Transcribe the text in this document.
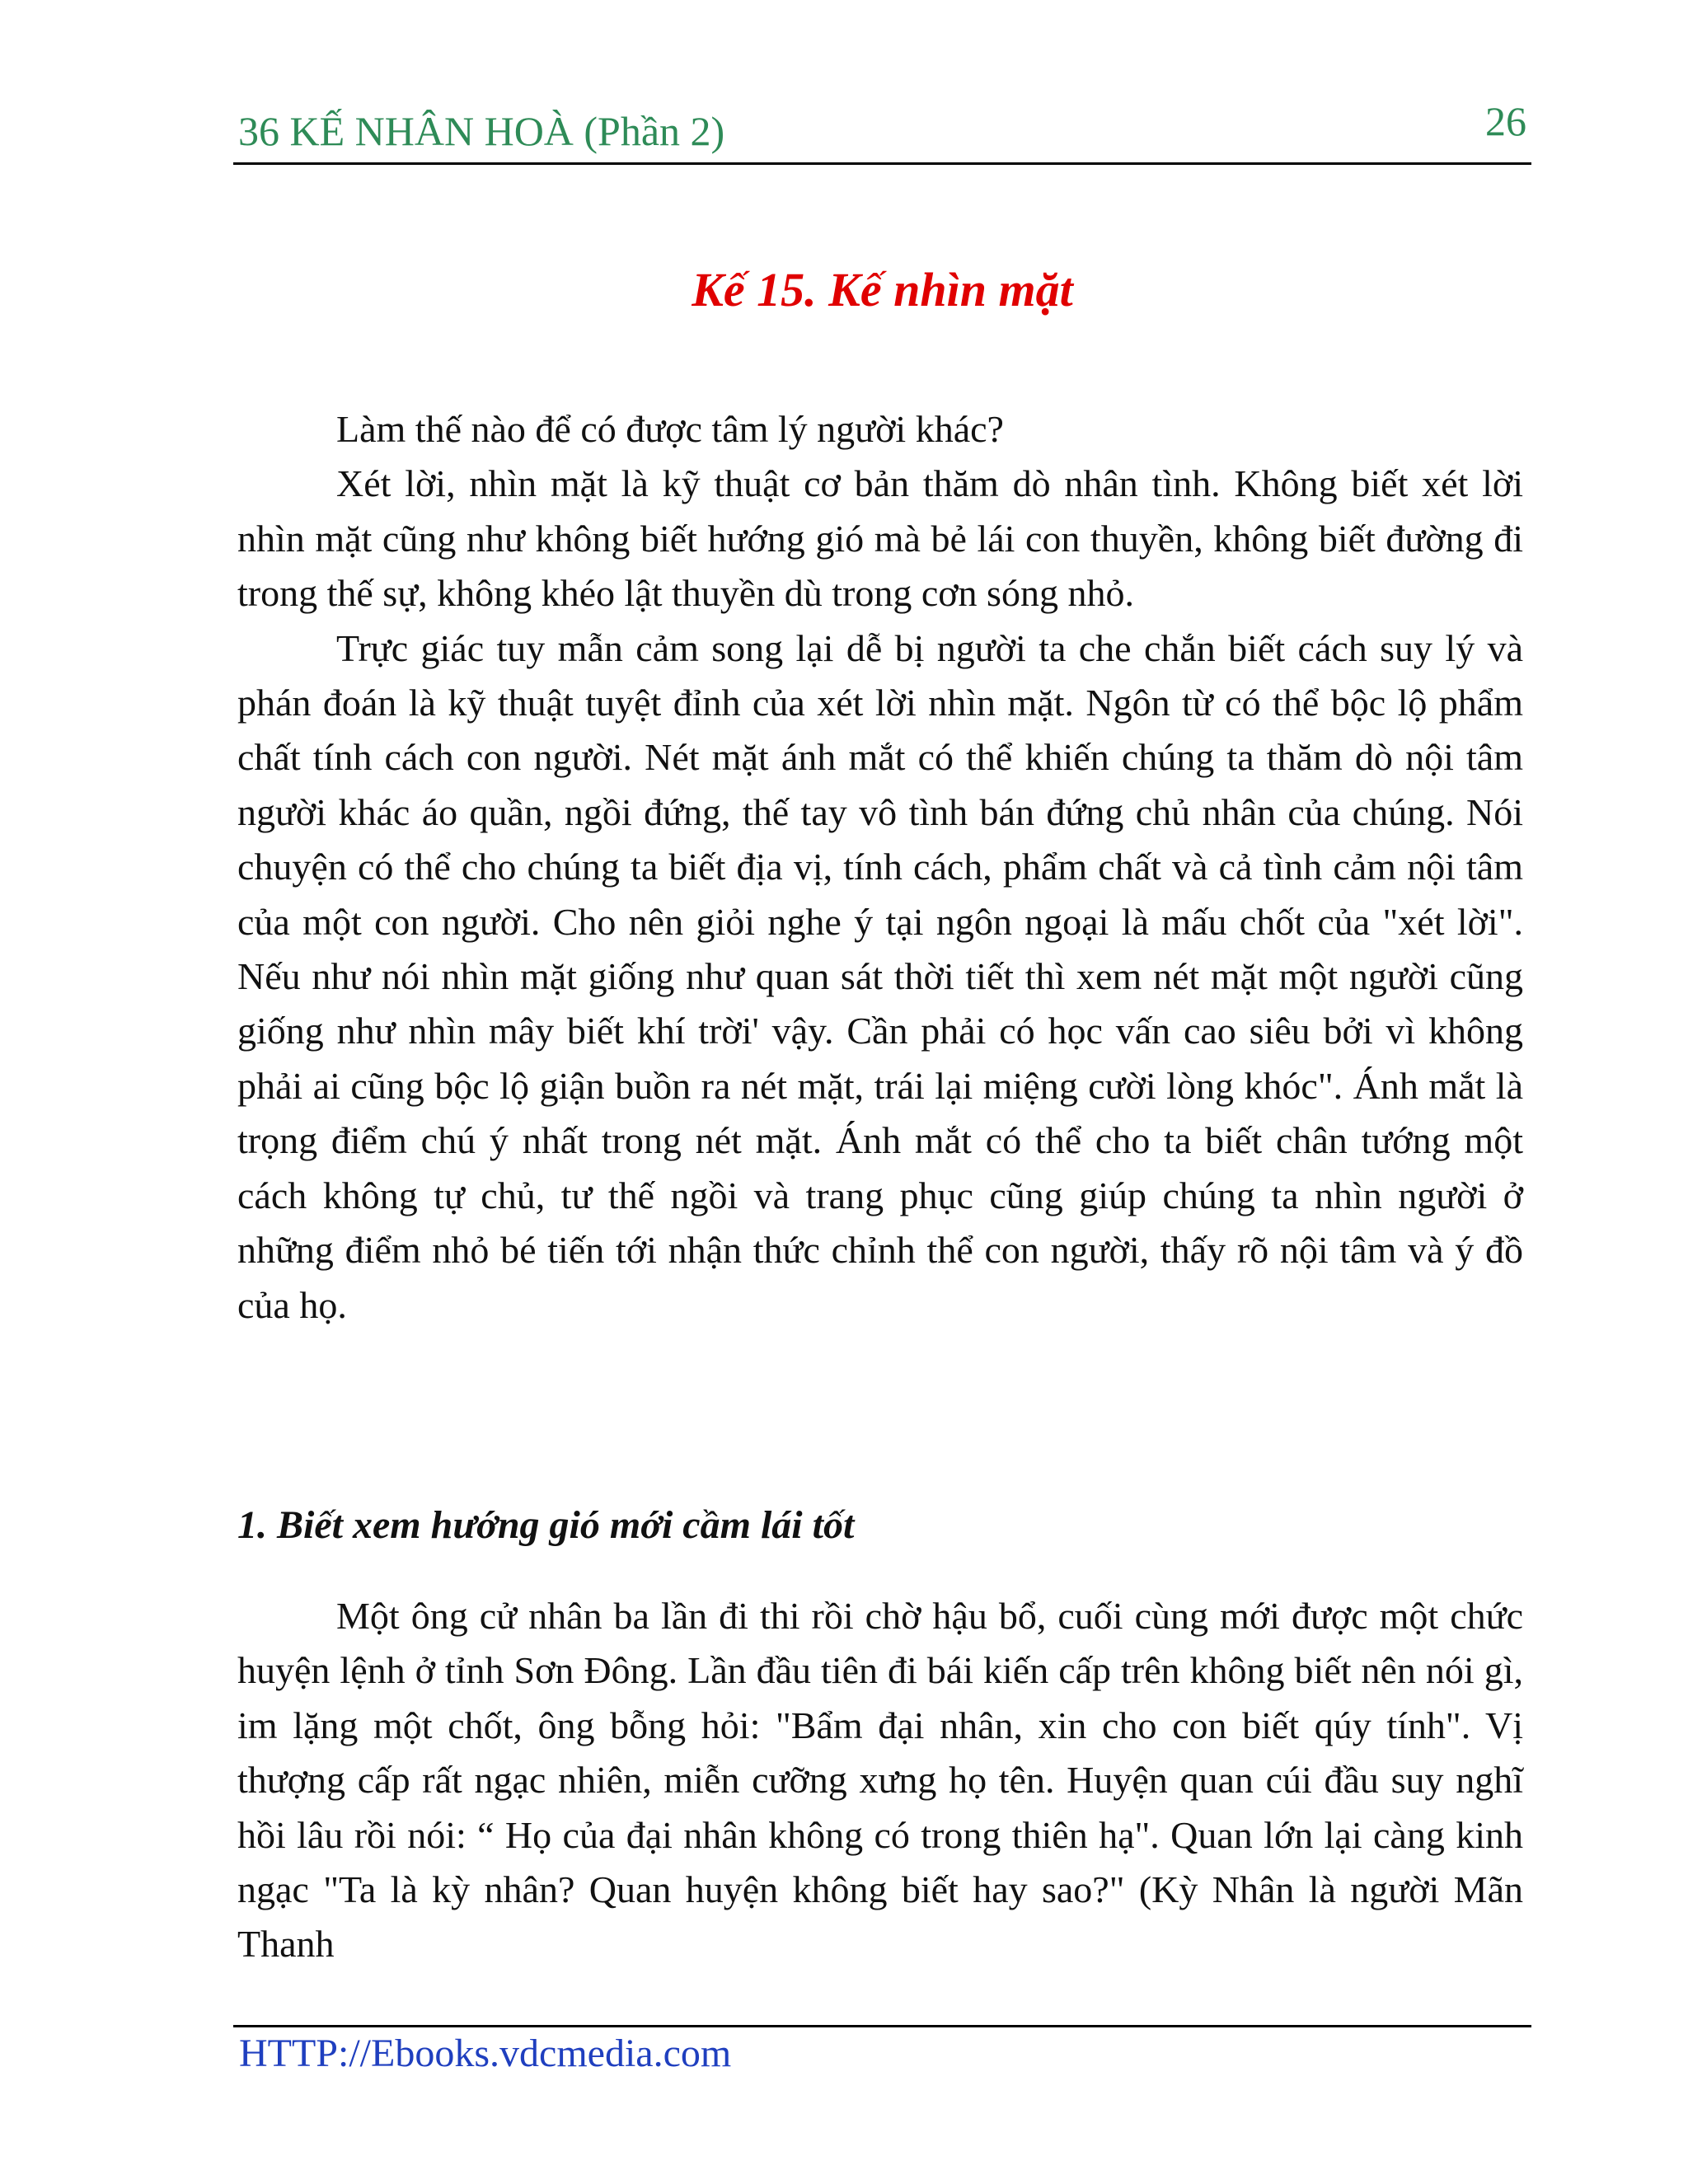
36 KẾ NHÂN HOÀ (Phần 2)	26
Kế 15. Kế nhìn mặt

Làm thế nào để có được tâm lý người khác?

Xét lời, nhìn mặt là kỹ thuật cơ bản thăm dò nhân tình. Không biết xét lời nhìn mặt cũng như không biết hướng gió mà bẻ lái con thuyền, không biết đường đi trong thế sự, không khéo lật thuyền dù trong cơn sóng nhỏ.

Trực giác tuy mẫn cảm song lại dễ bị người ta che chắn biết cách suy lý và phán đoán là kỹ thuật tuyệt đỉnh của xét lời nhìn mặt. Ngôn từ có thể bộc lộ phẩm chất tính cách con người. Nét mặt ánh mắt có thể khiến chúng ta thăm dò nội tâm người khác áo quần, ngồi đứng, thế tay vô tình bán đứng chủ nhân của chúng. Nói chuyện có thể cho chúng ta biết địa vị, tính cách, phẩm chất và cả tình cảm nội tâm của một con người. Cho nên giỏi nghe ý tại ngôn ngoại là mấu chốt của "xét lời". Nếu như nói nhìn mặt giống như quan sát thời tiết thì xem nét mặt một người cũng giống như nhìn mây biết khí trời' vậy. Cần phải có học vấn cao siêu bởi vì không phải ai cũng bộc lộ giận buồn ra nét mặt, trái lại miệng cười lòng khóc". Ánh mắt là trọng điểm chú ý nhất trong nét mặt. Ánh mắt có thể cho ta biết chân tướng một cách không tự chủ, tư thế ngồi và trang phục cũng giúp chúng ta nhìn người ở những điểm nhỏ bé tiến tới nhận thức chỉnh thể con người, thấy rõ nội tâm và ý đồ của họ.

1. Biết xem hướng gió mới cầm lái tốt

Một ông cử nhân ba lần đi thi rồi chờ hậu bổ, cuối cùng mới được một chức huyện lệnh ở tỉnh Sơn Đông. Lần đầu tiên đi bái kiến cấp trên không biết nên nói gì, im lặng một chốt, ông bỗng hỏi: "Bẩm đại nhân, xin cho con biết qúy tính". Vị thượng cấp rất ngạc nhiên, miễn cưỡng xưng họ tên. Huyện quan cúi đầu suy nghĩ hồi lâu rồi nói: “ Họ của đại nhân không có trong thiên hạ". Quan lớn lại càng kinh ngạc "Ta là kỳ nhân? Quan huyện không biết hay sao?" (Kỳ Nhân là người Mãn Thanh

HTTP://Ebooks.vdcmedia.com
